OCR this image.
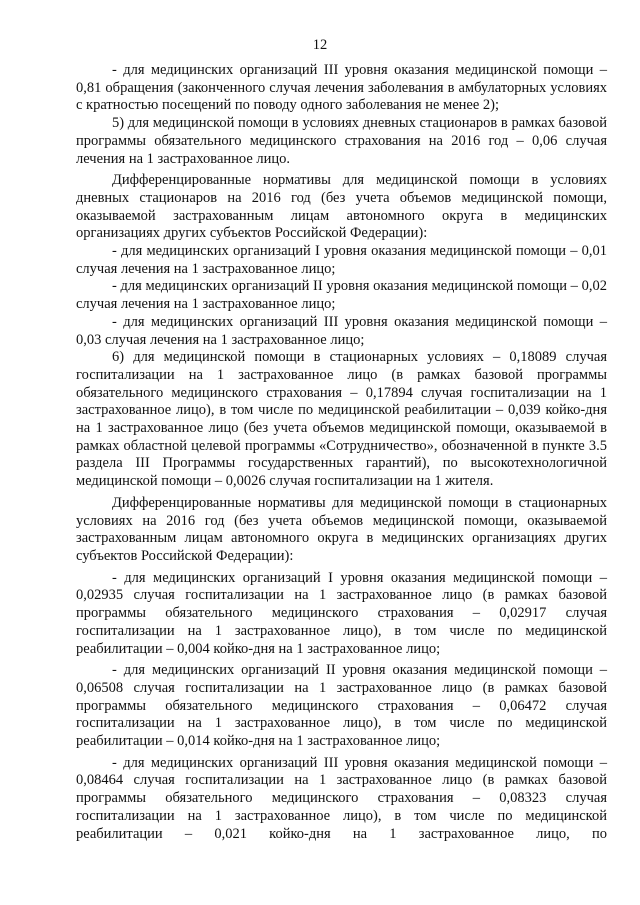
12

- для медицинских организаций III уровня оказания медицинской помощи – 0,81 обращения (законченного случая лечения заболевания в амбулаторных условиях с кратностью посещений по поводу одного заболевания не менее 2);

5) для медицинской помощи в условиях дневных стационаров в рамках базовой программы обязательного медицинского страхования на 2016 год – 0,06 случая лечения на 1 застрахованное лицо.

Дифференцированные нормативы для медицинской помощи в условиях дневных стационаров на 2016 год (без учета объемов медицинской помощи, оказываемой застрахованным лицам автономного округа в медицинских организациях других субъектов Российской Федерации):

- для медицинских организаций I уровня оказания медицинской помощи – 0,01 случая лечения на 1 застрахованное лицо;

- для медицинских организаций II уровня оказания медицинской помощи – 0,02 случая лечения на 1 застрахованное лицо;

- для медицинских организаций III уровня оказания медицинской помощи – 0,03 случая лечения на 1 застрахованное лицо;

6) для медицинской помощи в стационарных условиях – 0,18089 случая госпитализации на 1 застрахованное лицо (в рамках базовой программы обязательного медицинского страхования – 0,17894 случая госпитализации на 1 застрахованное лицо), в том числе по медицинской реабилитации – 0,039 койко-дня на 1 застрахованное лицо (без учета объемов медицинской помощи, оказываемой в рамках областной целевой программы «Сотрудничество», обозначенной в пункте 3.5 раздела III Программы государственных гарантий), по высокотехнологичной медицинской помощи – 0,0026 случая госпитализации на 1 жителя.

Дифференцированные нормативы для медицинской помощи в стационарных условиях на 2016 год (без учета объемов медицинской помощи, оказываемой застрахованным лицам автономного округа в медицинских организациях других субъектов Российской Федерации):

- для медицинских организаций I уровня оказания медицинской помощи – 0,02935 случая госпитализации на 1 застрахованное лицо (в рамках базовой программы обязательного медицинского страхования – 0,02917 случая госпитализации на 1 застрахованное лицо), в том числе по медицинской реабилитации – 0,004 койко-дня на 1 застрахованное лицо;

- для медицинских организаций II уровня оказания медицинской помощи – 0,06508 случая госпитализации на 1 застрахованное лицо (в рамках базовой программы обязательного медицинского страхования – 0,06472 случая госпитализации на 1 застрахованное лицо), в том числе по медицинской реабилитации – 0,014 койко-дня на 1 застрахованное лицо;

- для медицинских организаций III уровня оказания медицинской помощи – 0,08464 случая госпитализации на 1 застрахованное лицо (в рамках базовой программы обязательного медицинского страхования – 0,08323 случая госпитализации на 1 застрахованное лицо), в том числе по медицинской реабилитации – 0,021 койко-дня на 1 застрахованное лицо, по
